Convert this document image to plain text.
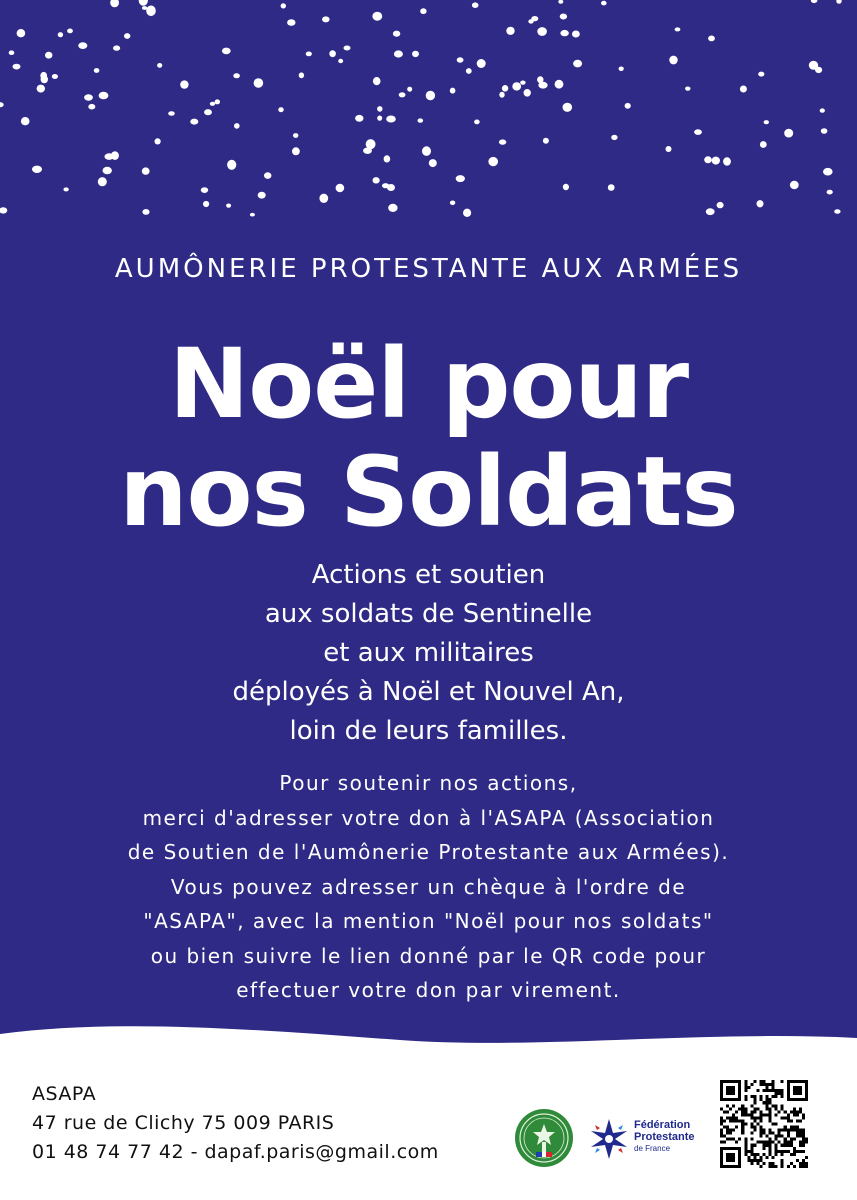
AUMÔNERIE PROTESTANTE AUX ARMÉES
Noël pour
nos Soldats
Actions et soutien
aux soldats de Sentinelle
et aux militaires
déployés à Noël et Nouvel An,
loin de leurs familles.
Pour soutenir nos actions,
merci d'adresser votre don à l'ASAPA (Association
de Soutien de l'Aumônerie Protestante aux Armées).
Vous pouvez adresser un chèque à l'ordre de
"ASAPA", avec la mention "Noël pour nos soldats"
ou bien suivre le lien donné par le QR code pour
effectuer votre don par virement.
ASAPA
47 rue de Clichy 75 009 PARIS
01 48 74 77 42 - dapaf.paris@gmail.com
Fédération
Protestante
de France
